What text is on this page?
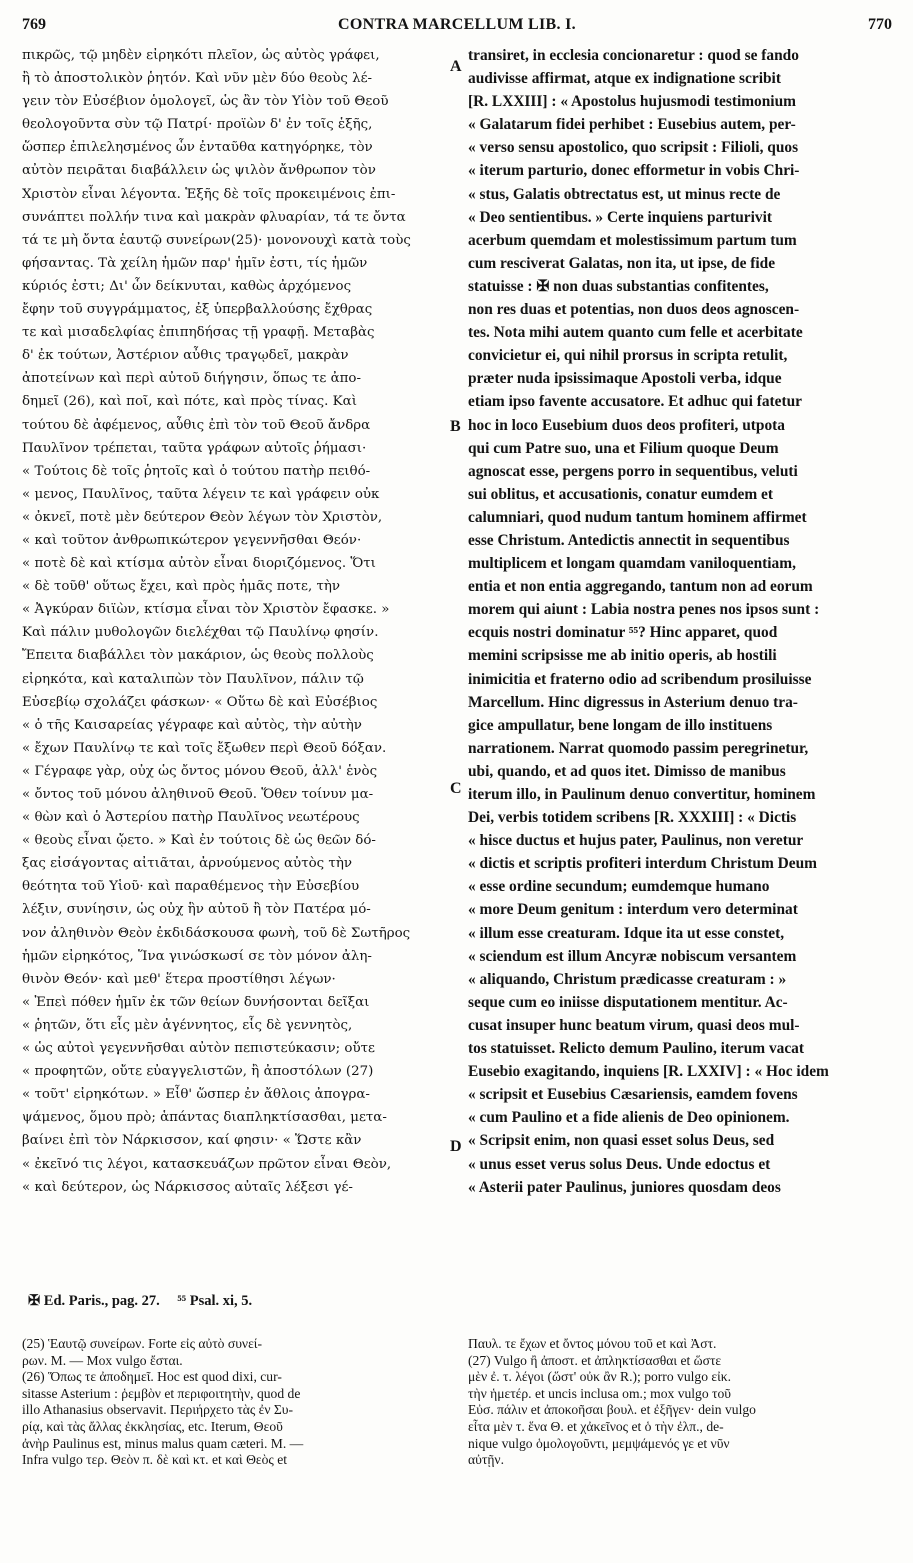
769	CONTRA MARCELLUM LIB. I.	770
πικρῶς, τῷ μηδὲν εἰρηκότι πλεῖον, ὡς αὐτὸς γράφει,
ἢ τὸ ἀποστολικὸν ῥητόν. Καὶ νῦν μὲν δύο θεοὺς λέ-
γειν τὸν Εὐσέβιον ὁμολογεῖ, ὡς ἂν τὸν Υἱὸν τοῦ Θεοῦ
θεολογοῦντα σὺν τῷ Πατρί· προϊὼν δ' ἐν τοῖς ἑξῆς,
ὥσπερ ἐπιλελησμένος ὧν ἐνταῦθα κατηγόρηκε, τὸν
αὐτὸν πειρᾶται διαβάλλειν ὡς ψιλὸν ἄνθρωπον τὸν
Χριστὸν εἶναι λέγοντα. Ἑξῆς δὲ τοῖς προκειμένοις ἐπι-
συνάπτει πολλήν τινα καὶ μακρὰν φλυαρίαν, τά τε ὄντα
τά τε μὴ ὄντα ἑαυτῷ συνείρων(25)· μονονουχὶ κατὰ τοὺς
φήσαντας. Τὰ χείλη ἡμῶν παρ' ἡμῖν ἐστι, τίς ἡμῶν
κύριός ἐστι; Δι' ὧν δείκνυται, καθὼς ἀρχόμενος
ἔφην τοῦ συγγράμματος, ἐξ ὑπερβαλλούσης ἔχθρας
τε καὶ μισαδελφίας ἐπιπηδήσας τῇ γραφῇ. Μεταβὰς
δ' ἐκ τούτων, Ἀστέριον αὖθις τραγῳδεῖ, μακρὰν
ἀποτείνων καὶ περὶ αὐτοῦ διήγησιν, ὅπως τε ἀπο-
δημεῖ (26), καὶ ποῖ, καὶ πότε, καὶ πρὸς τίνας. Καὶ
τούτου δὲ ἀφέμενος, αὖθις ἐπὶ τὸν τοῦ Θεοῦ ἄνδρα
Παυλῖνον τρέπεται, ταῦτα γράφων αὐτοῖς ῥήμασι·
« Τούτοις δὲ τοῖς ῥητοῖς καὶ ὁ τούτου πατὴρ πειθό-
« μενος, Παυλῖνος, ταῦτα λέγειν τε καὶ γράφειν οὐκ
« ὀκνεῖ, ποτὲ μὲν δεύτερον Θεὸν λέγων τὸν Χριστὸν,
« καὶ τοῦτον ἀνθρωπικώτερον γεγεννῆσθαι Θεόν·
« ποτὲ δὲ καὶ κτίσμα αὐτὸν εἶναι διοριζόμενος. Ὅτι
« δὲ τοῦθ' οὕτως ἔχει, καὶ πρὸς ἡμᾶς ποτε, τὴν
« Ἀγκύραν διϊὼν, κτίσμα εἶναι τὸν Χριστὸν ἔφασκε. »
Καὶ πάλιν μυθολογῶν διελέχθαι τῷ Παυλίνῳ φησίν.
Ἔπειτα διαβάλλει τὸν μακάριον, ὡς θεοὺς πολλοὺς
εἰρηκότα, καὶ καταλιπὼν τὸν Παυλῖνον, πάλιν τῷ
Εὐσεβίῳ σχολάζει φάσκων· « Οὕτω δὲ καὶ Εὐσέβιος
« ὁ τῆς Καισαρείας γέγραφε καὶ αὐτὸς, τὴν αὐτὴν
« ἔχων Παυλίνῳ τε καὶ τοῖς ἔξωθεν περὶ Θεοῦ δόξαν.
« Γέγραφε γὰρ, οὐχ ὡς ὄντος μόνου Θεοῦ, ἀλλ' ἑνὸς
« ὄντος τοῦ μόνου ἀληθινοῦ Θεοῦ. Ὅθεν τοίνυν μα-
« θὼν καὶ ὁ Ἀστερίου πατὴρ Παυλῖνος νεωτέρους
« θεοὺς εἶναι ᾤετο. » Καὶ ἐν τούτοις δὲ ὡς θεῶν δό-
ξας εἰσάγοντας αἰτιᾶται, ἀρνούμενος αὐτὸς τὴν
θεότητα τοῦ Υἱοῦ· καὶ παραθέμενος τὴν Εὐσεβίου
λέξιν, συνίησιν, ὡς οὐχ ἣν αὐτοῦ ἢ τὸν Πατέρα μό-
νον ἀληθινὸν Θεὸν ἐκδιδάσκουσα φωνὴ, τοῦ δὲ Σωτῆρος
ἡμῶν εἰρηκότος, Ἵνα γινώσκωσί σε τὸν μόνον ἀλη-
θινὸν Θεόν· καὶ μεθ' ἕτερα προστίθησι λέγων·
« Ἐπεὶ πόθεν ἡμῖν ἐκ τῶν θείων δυνήσονται δεῖξαι
« ῥητῶν, ὅτι εἷς μὲν ἀγέννητος, εἷς δὲ γεννητὸς,
« ὡς αὐτοὶ γεγεννῆσθαι αὐτὸν πεπιστεύκασιν; οὔτε
« προφητῶν, οὔτε εὐαγγελιστῶν, ἢ ἀποστόλων (27)
« τοῦτ' εἰρηκότων. » Εἶθ' ὥσπερ ἐν ἄθλοις ἀπογρα-
ψάμενος, ὅμου πρὸ; ἁπάντας διαπληκτίσασθαι, μετα-
βαίνει ἐπὶ τὸν Νάρκισσον, καί φησιν· « Ὥστε κἂν
« ἐκεῖνό τις λέγοι, κατασκευάζων πρῶτον εἶναι Θεὸν,
« καὶ δεύτερον, ὡς Νάρκισσος αὐταῖς λέξεσι γέ-
transiret, in ecclesia concionaretur : quod se fando
audivisse affirmat, atque ex indignatione scribit
[R. LXXIII] : « Apostolus hujusmodi testimonium
« Galatarum fidei perhibet : Eusebius autem, per-
« verso sensu apostolico, quo scripsit : Filioli, quos
« iterum parturio, donec efformetur in vobis Chri-
« stus, Galatis obtrectatus est, ut minus recte de
« Deo sentientibus. » Certe inquiens parturivit
acerbum quemdam et molestissimum partum tum
cum resciverat Galatas, non ita, ut ipse, de fide
statuisse : ✠ non duas substantias confitentes,
non res duas et potentias, non duos deos agnoscen-
tes. Nota mihi autem quanto cum felle et acerbitate
convicietur ei, qui nihil prorsus in scripta retulit,
præter nuda ipsissimaque Apostoli verba, idque
etiam ipso favente accusatore. Et adhuc qui fatetur
hoc in loco Eusebium duos deos profiteri, utpota
qui cum Patre suo, una et Filium quoque Deum
agnoscat esse, pergens porro in sequentibus, veluti
sui oblitus, et accusationis, conatur eumdem et
calumniari, quod nudum tantum hominem affirmet
esse Christum. Antedictis annectit in sequentibus
multiplicem et longam quamdam vaniloquentiam,
entia et non entia aggregando, tantum non ad eorum
morem qui aiunt : Labia nostra penes nos ipsos sunt :
ecquis nostri dominatur ⁵⁵? Hinc apparet, quod
memini scripsisse me ab initio operis, ab hostili
inimicitia et fraterno odio ad scribendum prosiluisse
Marcellum. Hinc digressus in Asterium denuo tra-
gice ampullatur, bene longam de illo instituens
narrationem. Narrat quomodo passim peregrinetur,
ubi, quando, et ad quos itet. Dimisso de manibus
iterum illo, in Paulinum denuo convertitur, hominem
Dei, verbis totidem scribens [R. XXXIII] : « Dictis
« hisce ductus et hujus pater, Paulinus, non veretur
« dictis et scriptis profiteri interdum Christum Deum
« esse ordine secundum; eumdemque humano
« more Deum genitum : interdum vero determinat
« illum esse creaturam. Idque ita ut esse constet,
« sciendum est illum Ancyræ nobiscum versantem
« aliquando, Christum prædicasse creaturam : »
seque cum eo iniisse disputationem mentitur. Ac-
cusat insuper hunc beatum virum, quasi deos mul-
tos statuisset. Relicto demum Paulino, iterum vacat
Eusebio exagitando, inquiens [R. LXXIV] : « Hoc idem
« scripsit et Eusebius Cæsariensis, eamdem fovens
« cum Paulino et a fide alienis de Deo opinionem.
« Scripsit enim, non quasi esset solus Deus, sed
« unus esset verus solus Deus. Unde edoctus et
« Asterii pater Paulinus, juniores quosdam deos
A
B
C
D
✠ Ed. Paris., pag. 27. ⁵⁵ Psal. xi, 5.
(25) Ἑαυτῷ συνείρων. Forte εἰς αὐτὸ συνεί-
ρων. M. — Mox vulgo ἔσται.
(26) Ὅπως τε ἀποδημεῖ. Hoc est quod dixi, cur-
sitasse Asterium : ῥεμβὸν et περιφοιτητὴν, quod de
illo Athanasius observavit. Περιήρχετο τὰς ἐν Συ-
ρίᾳ, καὶ τὰς ἄλλας ἐκκλησίας, etc. Iterum, Θεοῦ
ἀνὴρ Paulinus est, minus malus quam cæteri. M. —
Infra vulgo τερ. Θεὸν π. δὲ καὶ κτ. et καὶ Θεὸς et
Παυλ. τε ἔχων et ὄντος μόνου τοῦ et καὶ Ἀστ.
(27) Vulgo ἢ ἀποστ. et ἀπληκτίσασθαι et ὥστε
μὲν ἐ. τ. λέγοι (ὥστ' οὐκ ἂν R.); porro vulgo εἰκ.
τὴν ἡμετέρ. et uncis inclusa om.; mox vulgo τοῦ
Εὐσ. πάλιν et ἀποκοῆσαι βουλ. et ἐξῆγεν· dein vulgo
εἶτα μὲν τ. ἕνα Θ. et χἀκεῖνος et ὁ τὴν ἐλπ., de-
nique vulgo ὁμολογοῦντι, μεμψάμενός γε et νῦν
αὐτῇν.
